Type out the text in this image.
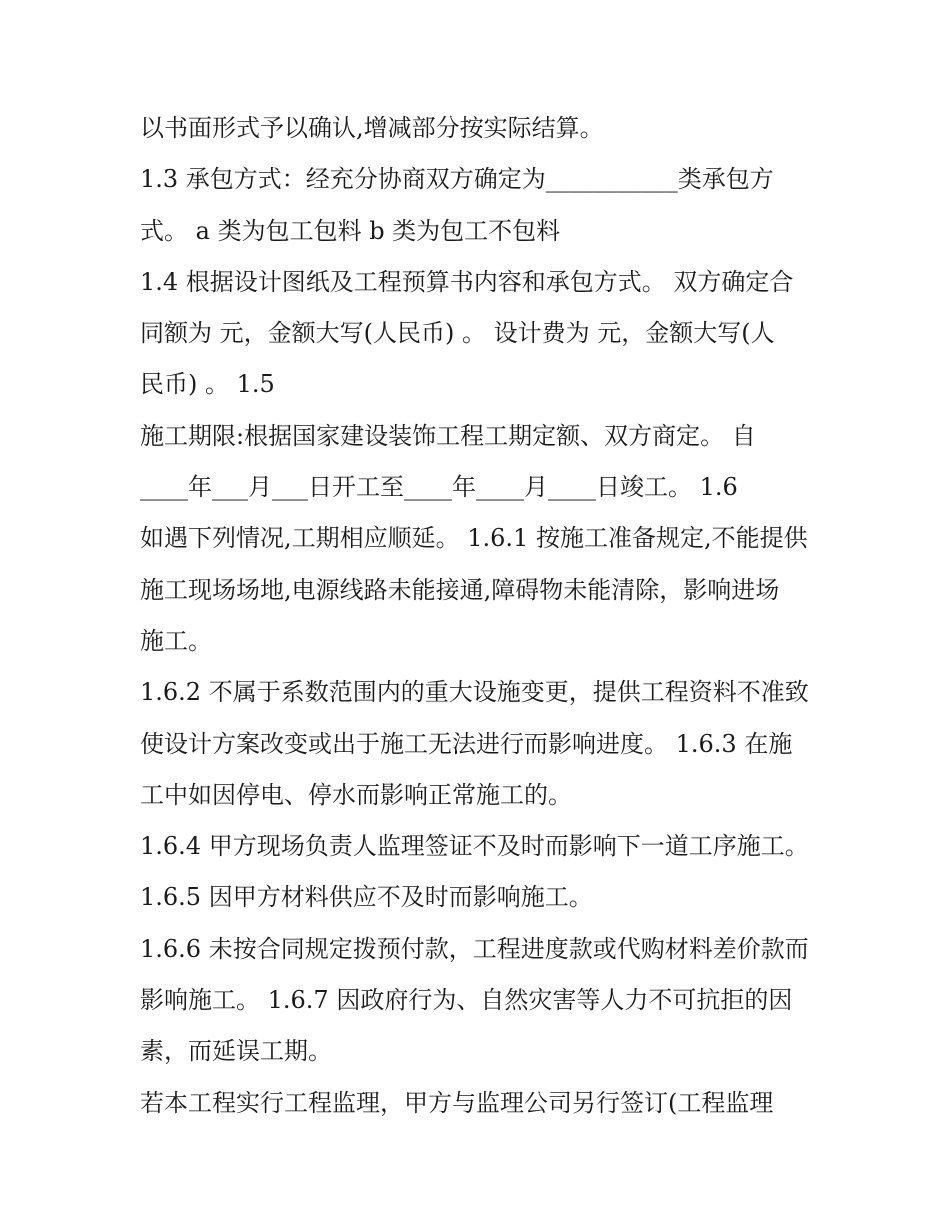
以书面形式予以确认,增减部分按实际结算。
1.3 承包方式：经充分协商双方确定为___________类承包方
式。 a 类为包工包料 b 类为包工不包料
1.4 根据设计图纸及工程预算书内容和承包方式。 双方确定合
同额为 元，金额大写(人民币) 。 设计费为 元，金额大写(人
民币) 。 1.5
施工期限:根据国家建设装饰工程工期定额、双方商定。 自
____年___月___日开工至____年____月____日竣工。 1.6
如遇下列情况,工期相应顺延。 1.6.1 按施工准备规定,不能提供
施工现场场地,电源线路未能接通,障碍物未能清除，影响进场
施工。
1.6.2 不属于系数范围内的重大设施变更，提供工程资料不准致
使设计方案改变或出于施工无法进行而影响进度。 1.6.3 在施
工中如因停电、停水而影响正常施工的。
1.6.4 甲方现场负责人监理签证不及时而影响下一道工序施工。
1.6.5 因甲方材料供应不及时而影响施工。
1.6.6 未按合同规定拨预付款，工程进度款或代购材料差价款而
影响施工。 1.6.7 因政府行为、自然灾害等人力不可抗拒的因
素，而延误工期。
若本工程实行工程监理，甲方与监理公司另行签订(工程监理
